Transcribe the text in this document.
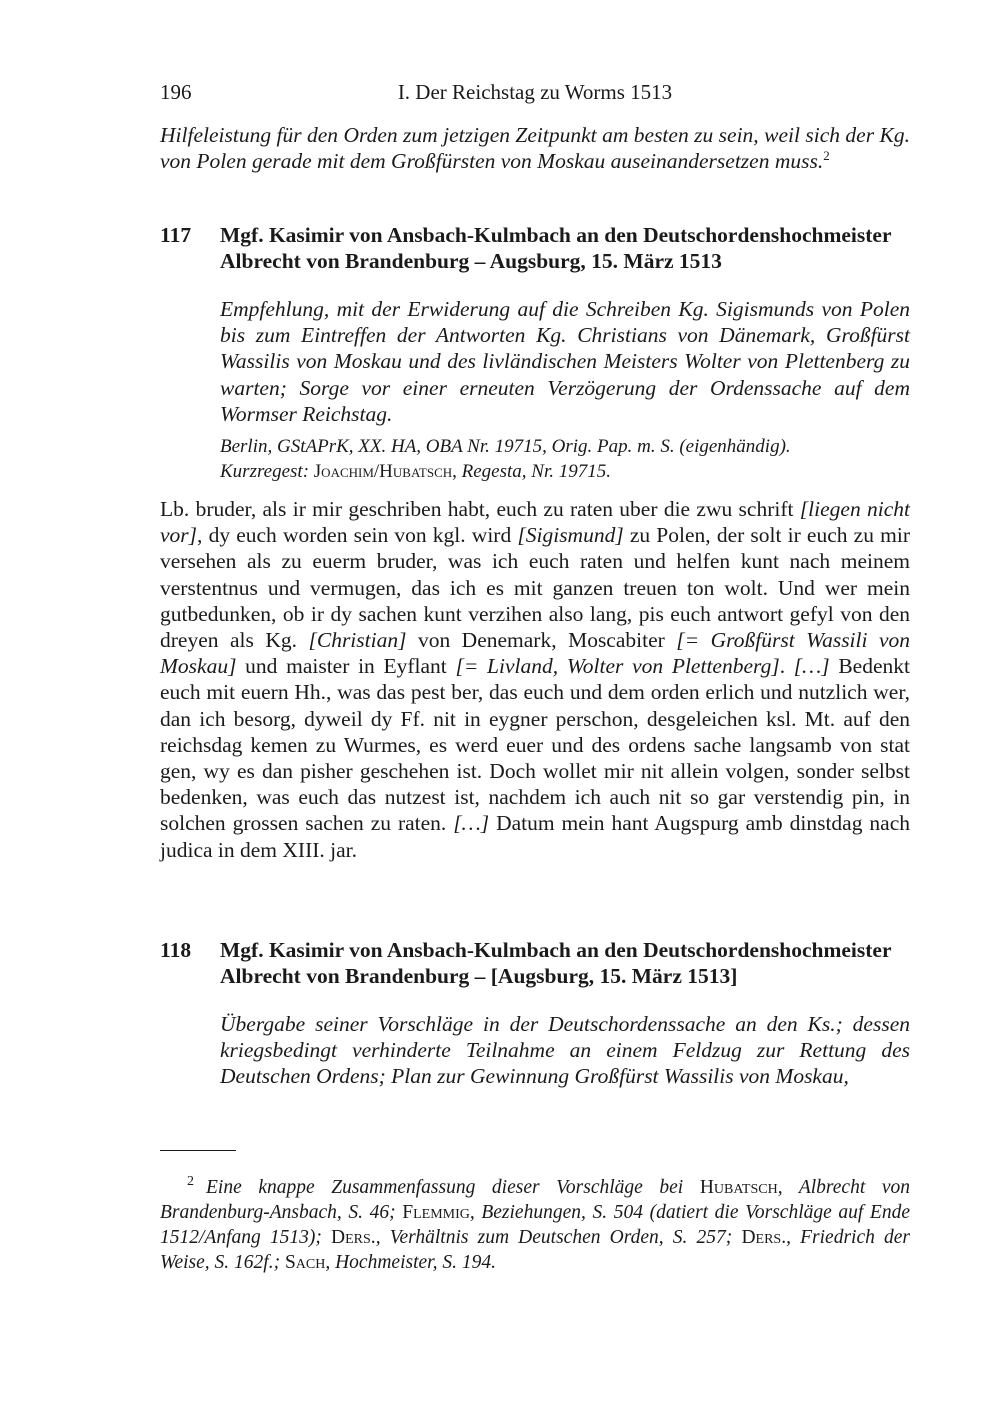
196	I. Der Reichstag zu Worms 1513

Hilfeleistung für den Orden zum jetzigen Zeitpunkt am besten zu sein, weil sich der Kg. von Polen gerade mit dem Großfürsten von Moskau auseinandersetzen muss.$^2$

117 Mgf. Kasimir von Ansbach-Kulmbach an den Deutschordenshochmeister Albrecht von Brandenburg – Augsburg, 15. März 1513

Empfehlung, mit der Erwiderung auf die Schreiben Kg. Sigismunds von Polen bis zum Eintreffen der Antworten Kg. Christians von Dänemark, Großfürst Wassilis von Moskau und des livländischen Meisters Wolter von Plettenberg zu warten; Sorge vor einer erneuten Verzögerung der Ordenssache auf dem Wormser Reichstag.

Berlin, GStAPrK, XX. HA, OBA Nr. 19715, Orig. Pap. m. S. (eigenhändig).

Kurzregest: Joachim/Hubatsch, Regesta, Nr. 19715.

Lb. bruder, als ir mir geschriben habt, euch zu raten uber die zwu schrift [liegen nicht vor], dy euch worden sein von kgl. wird [Sigismund] zu Polen, der solt ir euch zu mir versehen als zu euerm bruder, was ich euch raten und helfen kunt nach meinem verstentnus und vermugen, das ich es mit ganzen treuen ton wolt. Und wer mein gutbedunken, ob ir dy sachen kunt verzihen also lang, pis euch antwort gefyl von den dreyen als Kg. [Christian] von Denemark, Moscabiter [= Großfürst Wassili von Moskau] und maister in Eyflant [= Livland, Wolter von Plettenberg]. […] Bedenkt euch mit euern Hh., was das pest ber, das euch und dem orden erlich und nutzlich wer, dan ich besorg, dyweil dy Ff. nit in eygner perschon, desgeleichen ksl. Mt. auf den reichsdag kemen zu Wurmes, es werd euer und des ordens sache langsamb von stat gen, wy es dan pisher geschehen ist. Doch wollet mir nit allein volgen, sonder selbst bedenken, was euch das nutzest ist, nachdem ich auch nit so gar verstendig pin, in solchen grossen sachen zu raten. […] Datum mein hant Augspurg amb dinstdag nach judica in dem XIII. jar.

118 Mgf. Kasimir von Ansbach-Kulmbach an den Deutschordenshochmeister Albrecht von Brandenburg – [Augsburg, 15. März 1513]

Übergabe seiner Vorschläge in der Deutschordenssache an den Ks.; dessen kriegsbedingt verhinderte Teilnahme an einem Feldzug zur Rettung des Deutschen Ordens; Plan zur Gewinnung Großfürst Wassilis von Moskau,

$^2$ Eine knappe Zusammenfassung dieser Vorschläge bei Hubatsch, Albrecht von Brandenburg-Ansbach, S. 46; Flemmig, Beziehungen, S. 504 (datiert die Vorschläge auf Ende 1512/Anfang 1513); Ders., Verhältnis zum Deutschen Orden, S. 257; Ders., Friedrich der Weise, S. 162f.; Sach, Hochmeister, S. 194.
